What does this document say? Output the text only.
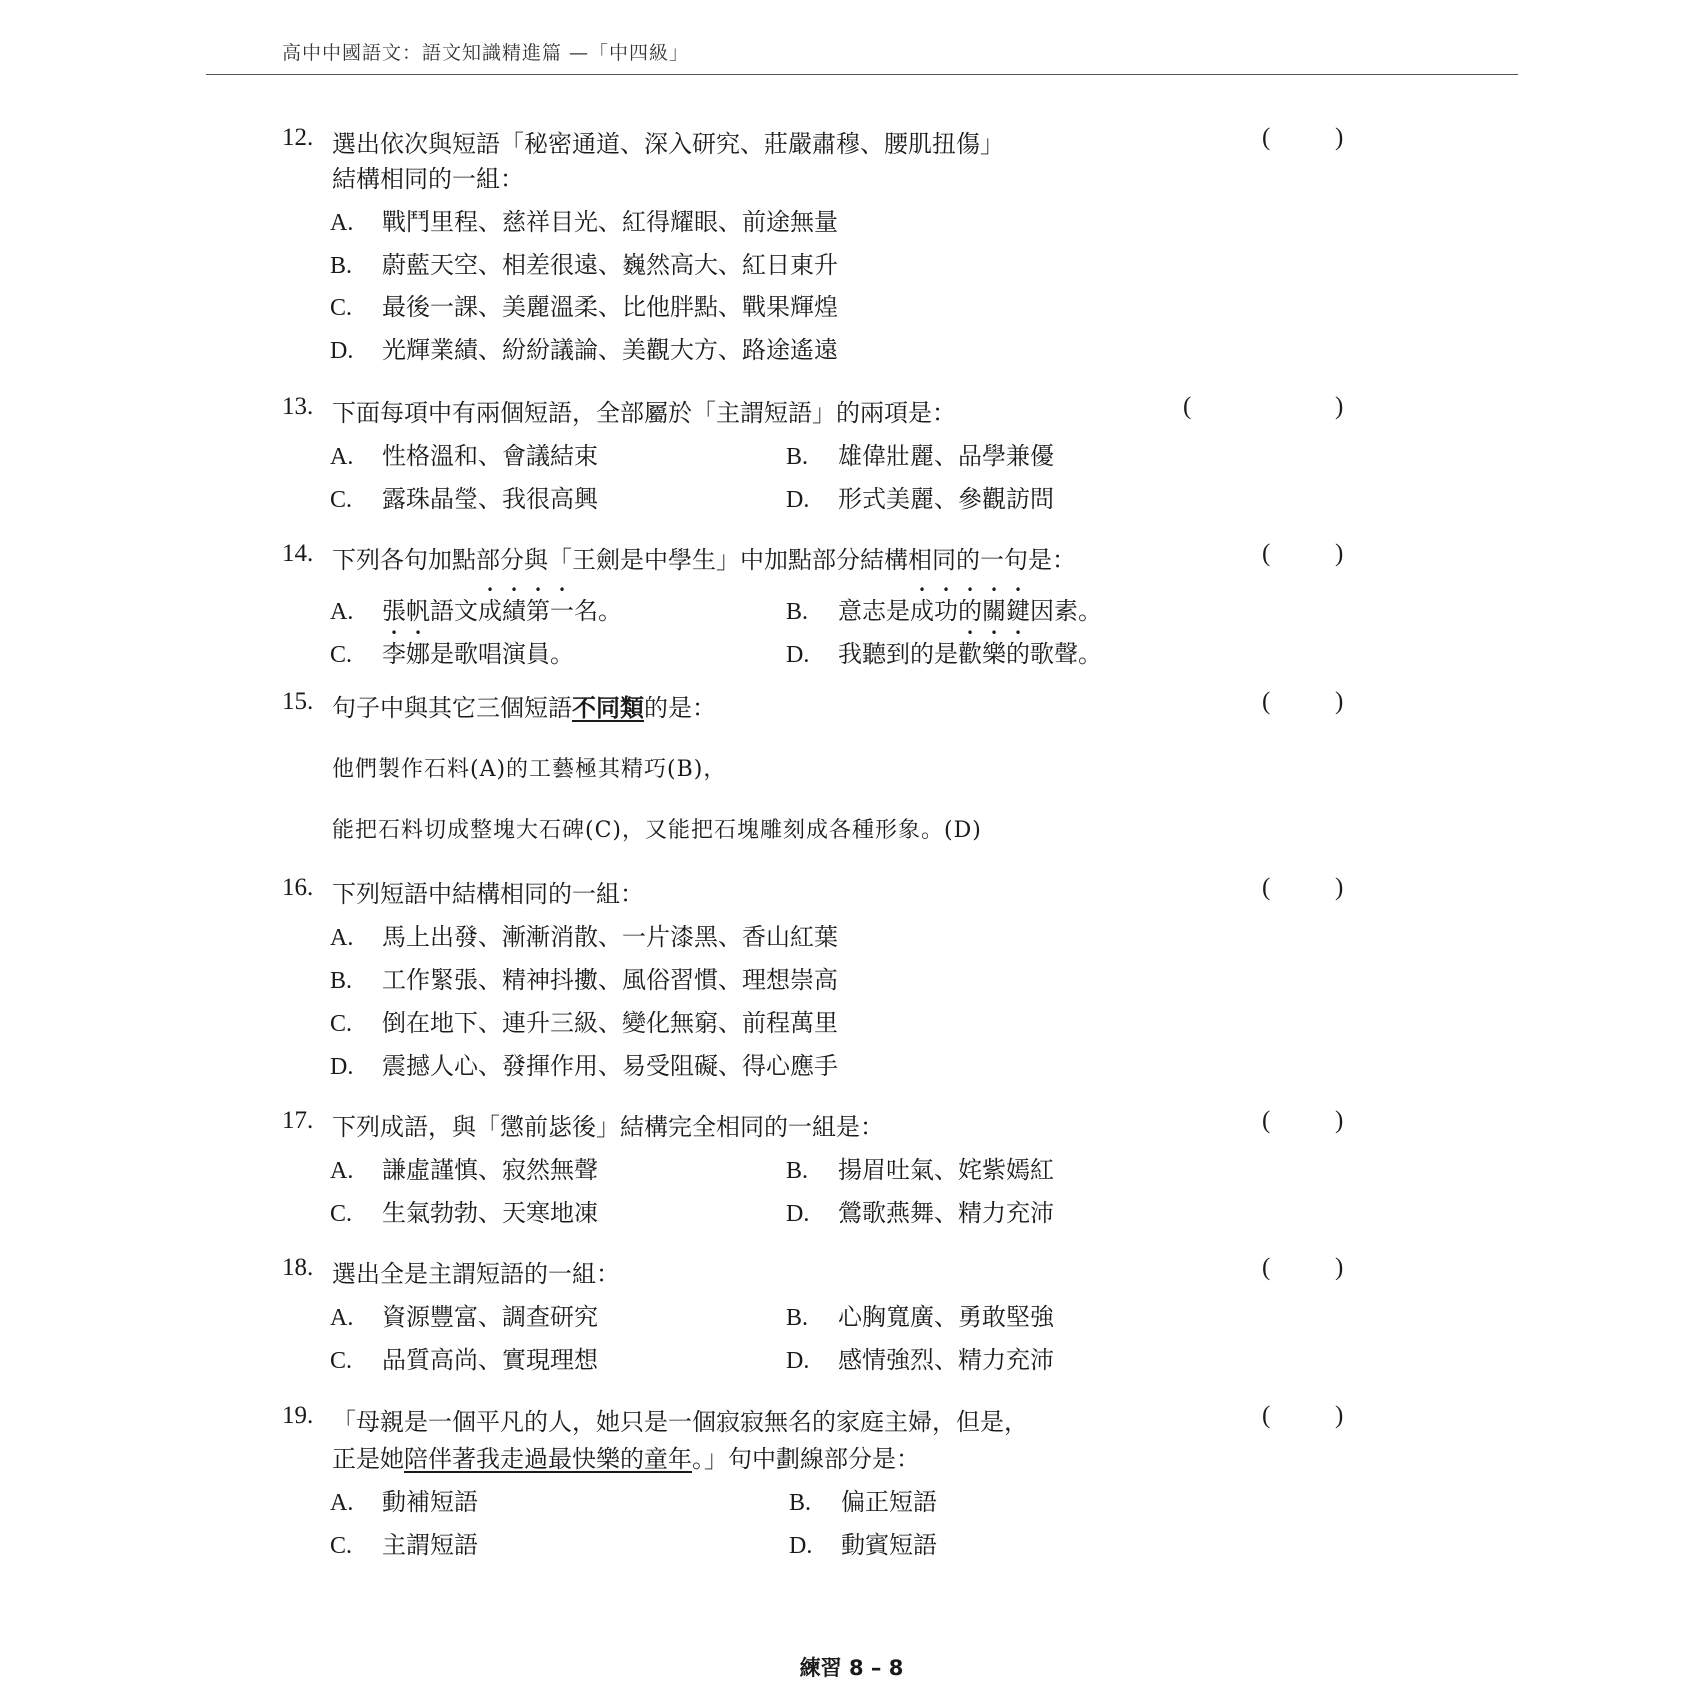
高中中國語文：語文知識精進篇 —「中四級」
12. 選出依次與短語「秘密通道、深入研究、莊嚴肅穆、腰肌扭傷」
結構相同的一組：
(	)
A. 戰鬥里程、慈祥目光、紅得耀眼、前途無量
B. 蔚藍天空、相差很遠、巍然高大、紅日東升
C. 最後一課、美麗溫柔、比他胖點、戰果輝煌
D. 光輝業績、紛紛議論、美觀大方、路途遙遠
13. 下面每項中有兩個短語，全部屬於「主謂短語」的兩項是：	(	)
A. 性格溫和、會議結束	B. 雄偉壯麗、品學兼優
C. 露珠晶瑩、我很高興	D. 形式美麗、參觀訪問
14. 下列各句加點部分與「王劍是中學生」中加點部分結構相同的一句是：	(	)
A. 張帆語文成績第一名。	B. 意志是成功的關鍵因素。
C. 李娜是歌唱演員。	D. 我聽到的是歡樂的歌聲。
15. 句子中與其它三個短語不同類的是：	(	)
他們製作石料(A)的工藝極其精巧(B)，
能把石料切成整塊大石碑(C)，又能把石塊雕刻成各種形象。(D)
16. 下列短語中結構相同的一組：	(	)
A. 馬上出發、漸漸消散、一片漆黑、香山紅葉
B. 工作緊張、精神抖擻、風俗習慣、理想崇高
C. 倒在地下、連升三級、變化無窮、前程萬里
D. 震撼人心、發揮作用、易受阻礙、得心應手
17. 下列成語，與「懲前毖後」結構完全相同的一組是：	(	)
A. 謙虛謹慎、寂然無聲	B. 揚眉吐氣、姹紫嫣紅
C. 生氣勃勃、天寒地凍	D. 鶯歌燕舞、精力充沛
18. 選出全是主謂短語的一組：	(	)
A. 資源豐富、調查研究	B. 心胸寬廣、勇敢堅強
C. 品質高尚、實現理想	D. 感情強烈、精力充沛
19. 「母親是一個平凡的人，她只是一個寂寂無名的家庭主婦，但是，
正是她陪伴著我走過最快樂的童年。」句中劃線部分是：
(	)
A. 動補短語	B. 偏正短語
C. 主謂短語	D. 動賓短語
練習 8 – 8
